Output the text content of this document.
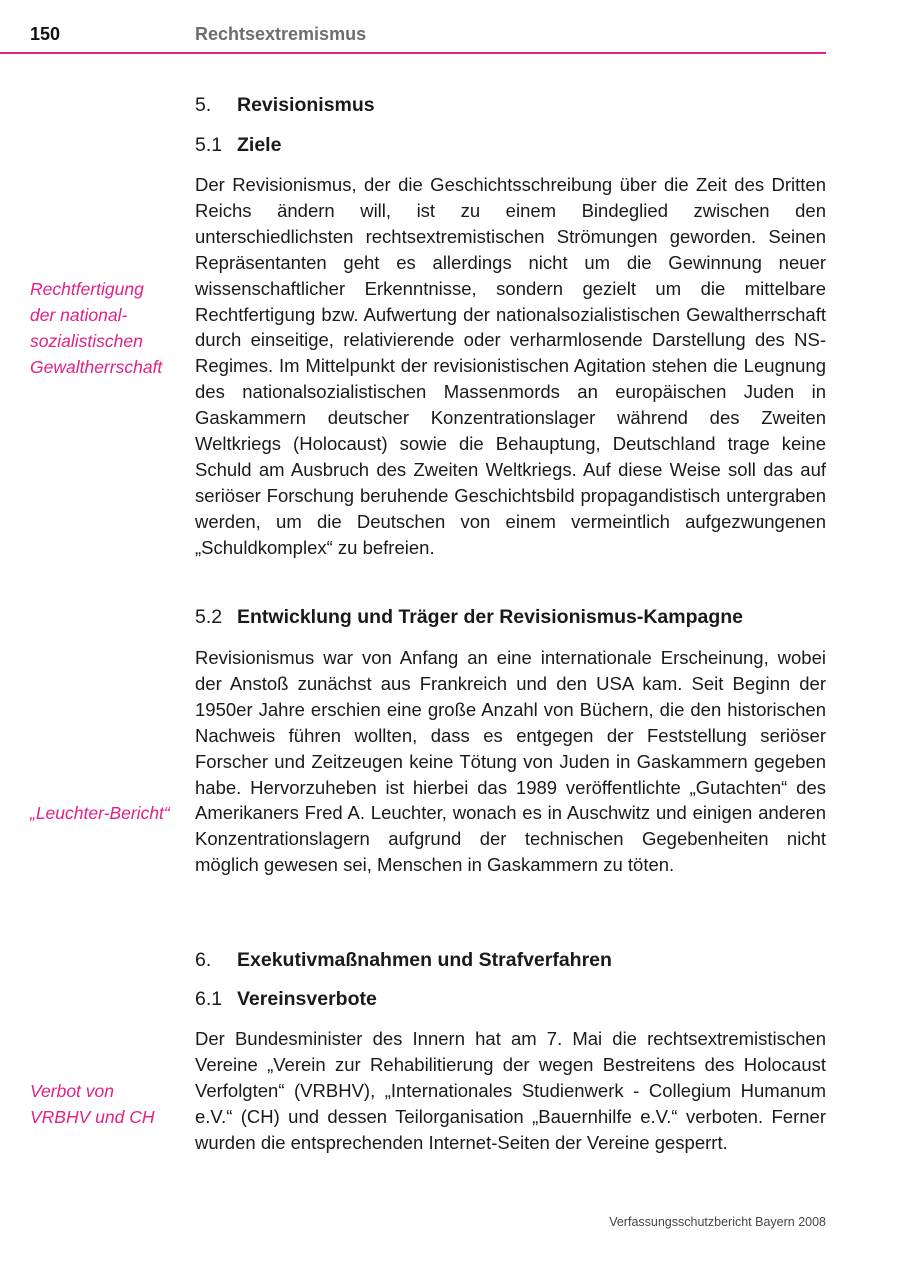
150	Rechtsextremismus
5. Revisionismus
5.1 Ziele
Rechtfertigung
der national-
sozialistischen
Gewaltherrschaft

Der Revisionismus, der die Geschichtsschreibung über die Zeit des Dritten Reichs ändern will, ist zu einem Bindeglied zwischen den unterschiedlichsten rechtsextremistischen Strömungen geworden. Seinen Repräsentanten geht es allerdings nicht um die Gewinnung neuer wissenschaftlicher Erkenntnisse, sondern gezielt um die mittelbare Rechtfertigung bzw. Aufwertung der nationalsozialistischen Gewaltherrschaft durch einseitige, relativierende oder verharmlosende Darstellung des NS-Regimes. Im Mittelpunkt der revisionistischen Agitation stehen die Leugnung des nationalsozialistischen Massenmords an europäischen Juden in Gaskammern deutscher Konzentrationslager während des Zweiten Weltkriegs (Holocaust) sowie die Behauptung, Deutschland trage keine Schuld am Ausbruch des Zweiten Weltkriegs. Auf diese Weise soll das auf seriöser Forschung beruhende Geschichtsbild propagandistisch untergraben werden, um die Deutschen von einem vermeintlich aufgezwungenen „Schuldkomplex“ zu befreien.

5.2 Entwicklung und Träger der Revisionismus-Kampagne
„Leuchter-Bericht“

Revisionismus war von Anfang an eine internationale Erscheinung, wobei der Anstoß zunächst aus Frankreich und den USA kam. Seit Beginn der 1950er Jahre erschien eine große Anzahl von Büchern, die den historischen Nachweis führen wollten, dass es entgegen der Feststellung seriöser Forscher und Zeitzeugen keine Tötung von Juden in Gaskammern gegeben habe. Hervorzuheben ist hierbei das 1989 veröffentlichte „Gutachten“ des Amerikaners Fred A. Leuchter, wonach es in Auschwitz und einigen anderen Konzentrationslagern aufgrund der technischen Gegebenheiten nicht möglich gewesen sei, Menschen in Gaskammern zu töten.

6. Exekutivmaßnahmen und Strafverfahren
6.1 Vereinsverbote
Verbot von
VRBHV und CH

Der Bundesminister des Innern hat am 7. Mai die rechtsextremistischen Vereine „Verein zur Rehabilitierung der wegen Bestreitens des Holocaust Verfolgten“ (VRBHV), „Internationales Studienwerk - Collegium Humanum e.V.“ (CH) und dessen Teilorganisation „Bauernhilfe e.V.“ verboten. Ferner wurden die entsprechenden Internet-Seiten der Vereine gesperrt.

Verfassungsschutzbericht Bayern 2008
